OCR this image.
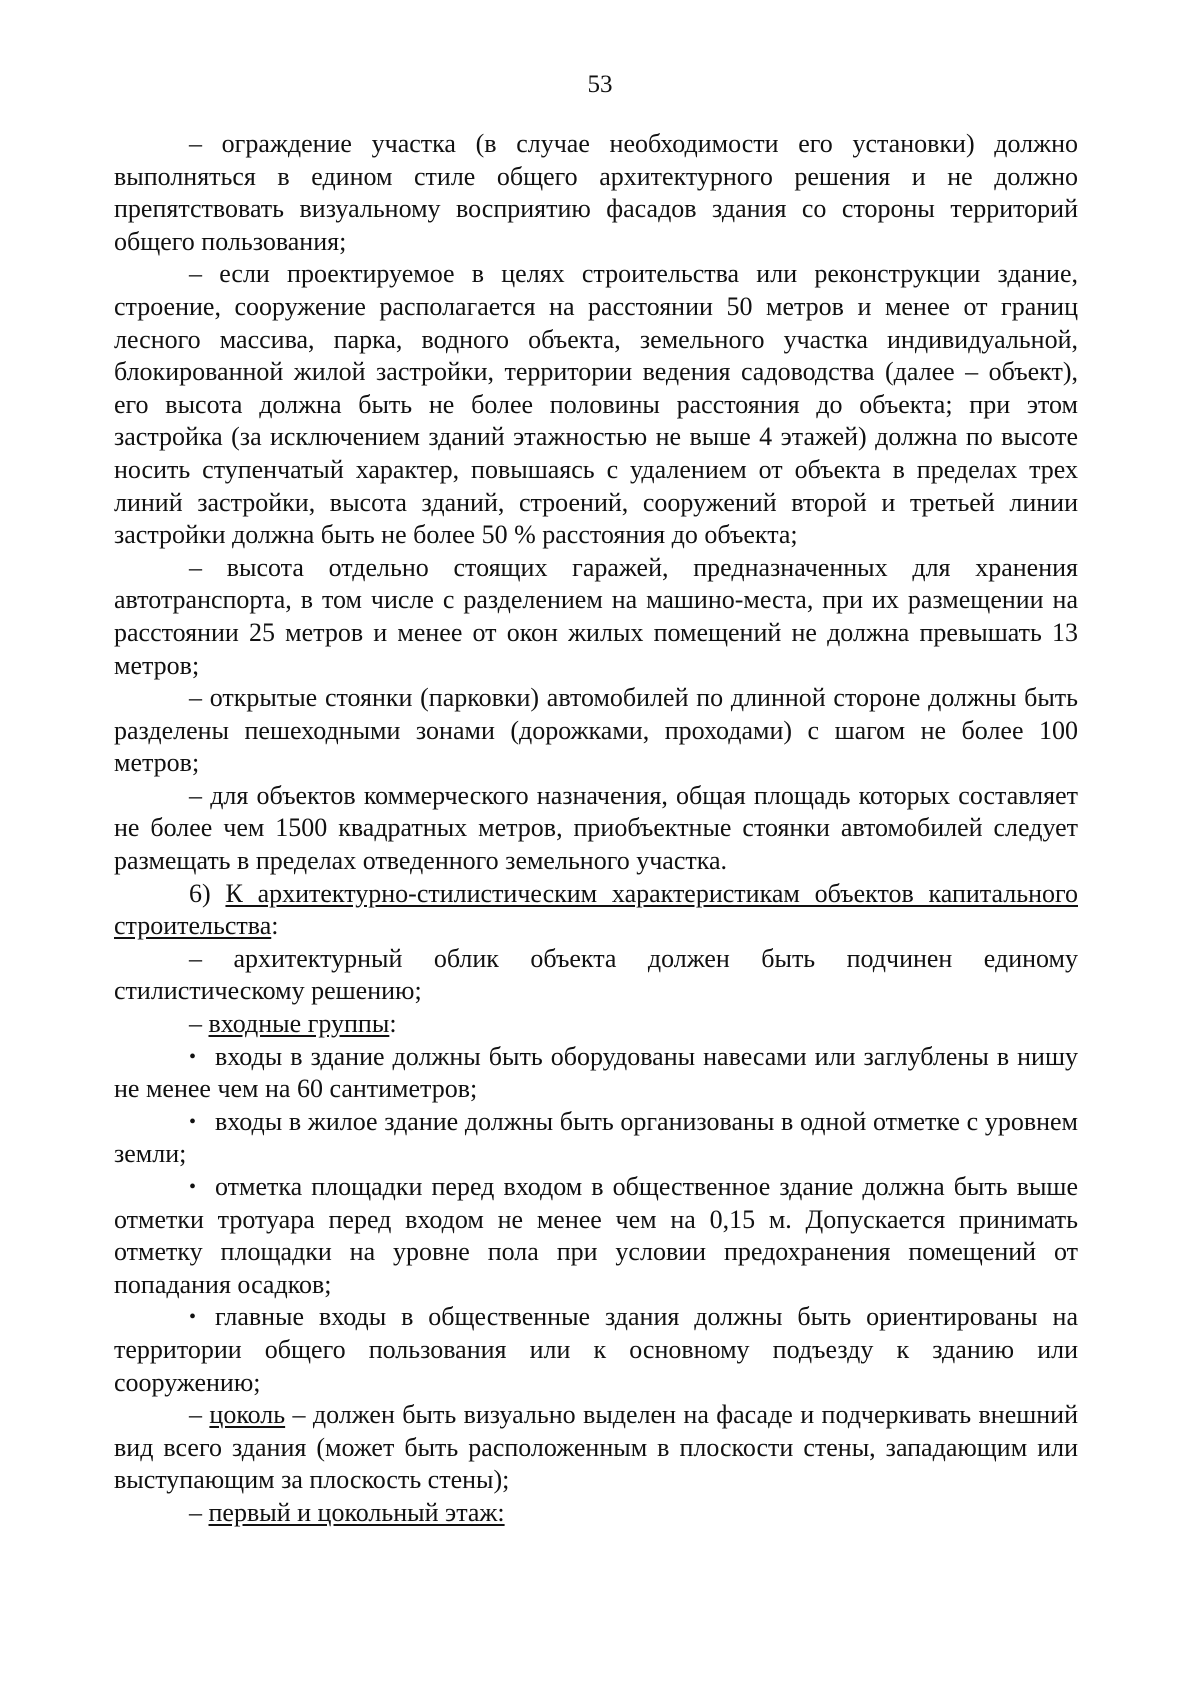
53

– ограждение участка (в случае необходимости его установки) должно выполняться в едином стиле общего архитектурного решения и не должно препятствовать визуальному восприятию фасадов здания со стороны территорий общего пользования;

– если проектируемое в целях строительства или реконструкции здание, строение, сооружение располагается на расстоянии 50 метров и менее от границ лесного массива, парка, водного объекта, земельного участка индивидуальной, блокированной жилой застройки, территории ведения садоводства (далее – объект), его высота должна быть не более половины расстояния до объекта; при этом застройка (за исключением зданий этажностью не выше 4 этажей) должна по высоте носить ступенчатый характер, повышаясь с удалением от объекта в пределах трех линий застройки, высота зданий, строений, сооружений второй и третьей линии застройки должна быть не более 50 % расстояния до объекта;

– высота отдельно стоящих гаражей, предназначенных для хранения автотранспорта, в том числе с разделением на машино-места, при их размещении на расстоянии 25 метров и менее от окон жилых помещений не должна превышать 13 метров;

– открытые стоянки (парковки) автомобилей по длинной стороне должны быть разделены пешеходными зонами (дорожками, проходами) с шагом не более 100 метров;

– для объектов коммерческого назначения, общая площадь которых составляет не более чем 1500 квадратных метров, приобъектные стоянки автомобилей следует размещать в пределах отведенного земельного участка.

6) К архитектурно-стилистическим характеристикам объектов капитального строительства:

– архитектурный облик объекта должен быть подчинен единому стилистическому решению;

– входные группы:

• входы в здание должны быть оборудованы навесами или заглублены в нишу не менее чем на 60 сантиметров;

• входы в жилое здание должны быть организованы в одной отметке с уровнем земли;

• отметка площадки перед входом в общественное здание должна быть выше отметки тротуара перед входом не менее чем на 0,15 м. Допускается принимать отметку площадки на уровне пола при условии предохранения помещений от попадания осадков;

• главные входы в общественные здания должны быть ориентированы на территории общего пользования или к основному подъезду к зданию или сооружению;

– цоколь – должен быть визуально выделен на фасаде и подчеркивать внешний вид всего здания (может быть расположенным в плоскости стены, западающим или выступающим за плоскость стены);

– первый и цокольный этаж:
